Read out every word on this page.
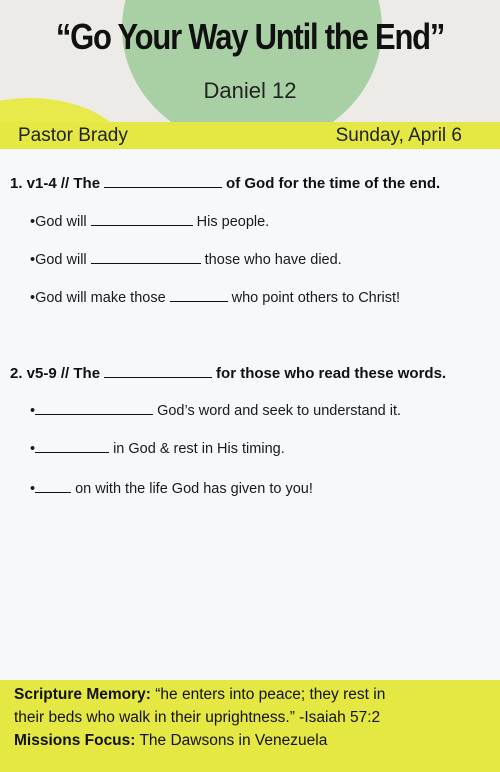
“Go Your Way Until the End”
Daniel 12
Pastor Brady	Sunday, April 6
1. v1-4 // The	of God for the time of the end.
•God will	His people.
•God will	those who have died.
•God will make those	who point others to Christ!
2. v5-9 // The	for those who read these words.
•	God’s word and seek to understand it.
•	in God & rest in His timing.
•	on with the life God has given to you!
Scripture Memory: “he enters into peace; they rest in
their beds who walk in their uprightness.” -Isaiah 57:2
Missions Focus: The Dawsons in Venezuela
